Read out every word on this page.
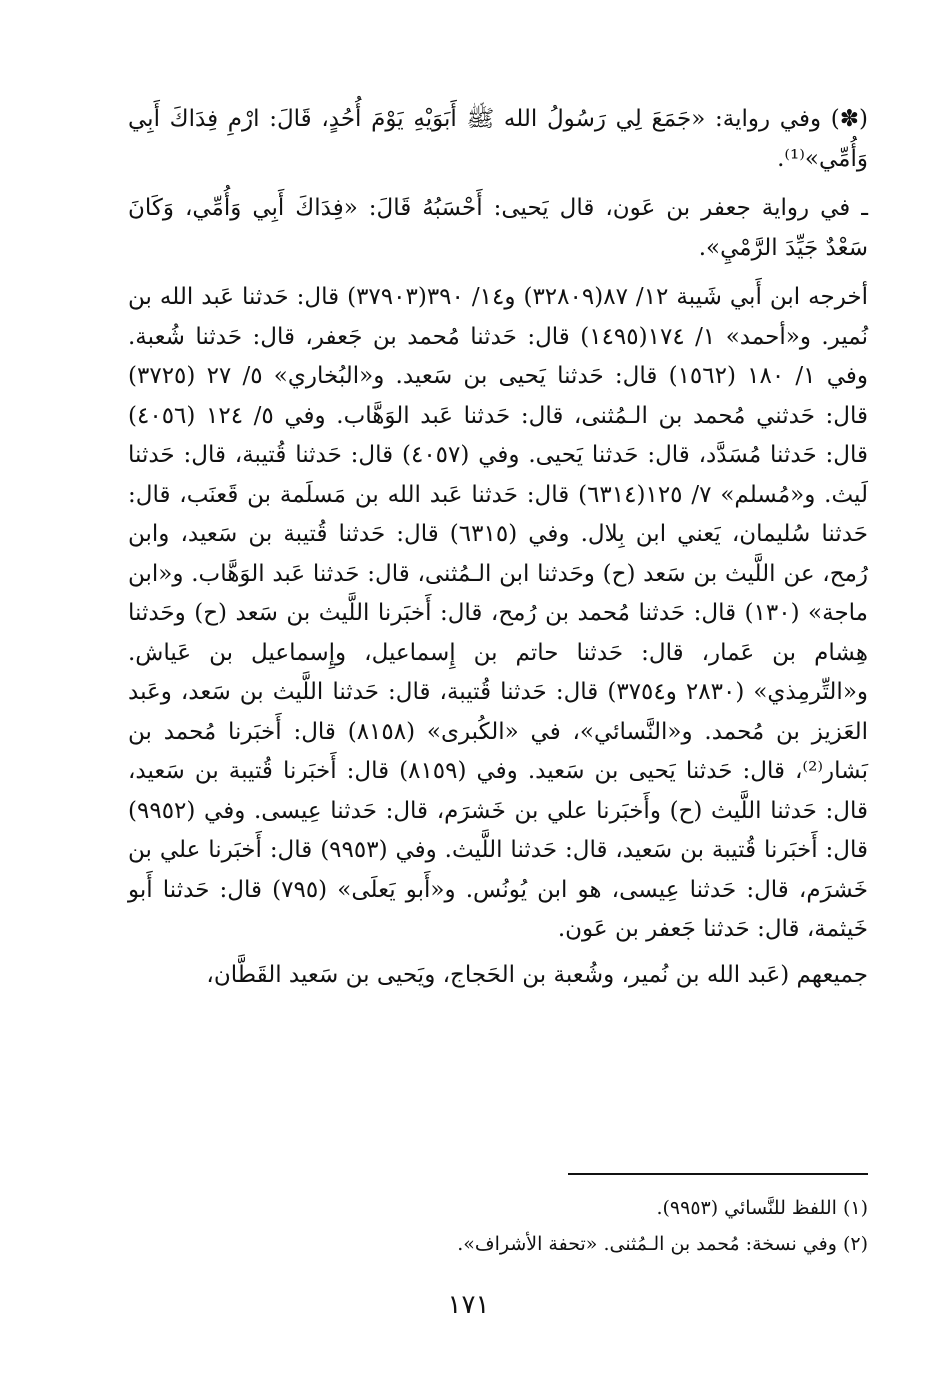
(✽) وفي رواية: «جَمَعَ لِي رَسُولُ الله ﷺ أَبَوَيْهِ يَوْمَ أُحُدٍ، قَالَ: ارْمِ فِدَاكَ أَبِي وَأُمِّي»⁽¹⁾.

ـ في رواية جعفر بن عَون، قال يَحيى: أَحْسَبُهُ قَالَ: «فِدَاكَ أَبِي وَأُمِّي، وَكَانَ سَعْدٌ جَيِّدَ الرَّمْيِ».

أخرجه ابن أَبي شَيبة ١٢/ ٨٧(٣٢٨٠٩) و١٤/ ٣٩٠(٣٧٩٠٣) قال: حَدثنا عَبد الله بن نُمير. و«أحمد» ١/ ١٧٤(١٤٩٥) قال: حَدثنا مُحمد بن جَعفر، قال: حَدثنا شُعبة. وفي ١/ ١٨٠ (١٥٦٢) قال: حَدثنا يَحيى بن سَعيد. و«البُخاري» ٥/ ٢٧ (٣٧٢٥) قال: حَدثني مُحمد بن الـمُثنى، قال: حَدثنا عَبد الوَهَّاب. وفي ٥/ ١٢٤ (٤٠٥٦) قال: حَدثنا مُسَدَّد، قال: حَدثنا يَحيى. وفي (٤٠٥٧) قال: حَدثنا قُتيبة، قال: حَدثنا لَيث. و«مُسلم» ٧/ ١٢٥(٦٣١٤) قال: حَدثنا عَبد الله بن مَسلَمة بن قَعنَب، قال: حَدثنا سُليمان، يَعني ابن بِلال. وفي (٦٣١٥) قال: حَدثنا قُتيبة بن سَعيد، وابن رُمح، عن اللَّيث بن سَعد (ح) وحَدثنا ابن الـمُثنى، قال: حَدثنا عَبد الوَهَّاب. و«ابن ماجة» (١٣٠) قال: حَدثنا مُحمد بن رُمح، قال: أَخبَرنا اللَّيث بن سَعد (ح) وحَدثنا هِشام بن عَمار، قال: حَدثنا حاتم بن إِسماعيل، وإِسماعيل بن عَياش. و«التِّرمِذي» (٢٨٣٠ و٣٧٥٤) قال: حَدثنا قُتيبة، قال: حَدثنا اللَّيث بن سَعد، وعَبد العَزيز بن مُحمد. و«النَّسائي»، في «الكُبرى» (٨١٥٨) قال: أَخبَرنا مُحمد بن بَشار⁽²⁾، قال: حَدثنا يَحيى بن سَعيد. وفي (٨١٥٩) قال: أَخبَرنا قُتيبة بن سَعيد، قال: حَدثنا اللَّيث (ح) وأَخبَرنا علي بن خَشرَم، قال: حَدثنا عِيسى. وفي (٩٩٥٢) قال: أَخبَرنا قُتيبة بن سَعيد، قال: حَدثنا اللَّيث. وفي (٩٩٥٣) قال: أَخبَرنا علي بن خَشرَم، قال: حَدثنا عِيسى، هو ابن يُونُس. و«أَبو يَعلَى» (٧٩٥) قال: حَدثنا أَبو خَيثمة، قال: حَدثنا جَعفر بن عَون.

جميعهم (عَبد الله بن نُمير، وشُعبة بن الحَجاج، ويَحيى بن سَعيد القَطَّان،

(١) اللفظ للنَّسائي (٩٩٥٣).

(٢) وفي نسخة: مُحمد بن الـمُثنى. «تحفة الأشراف».

١٧١
